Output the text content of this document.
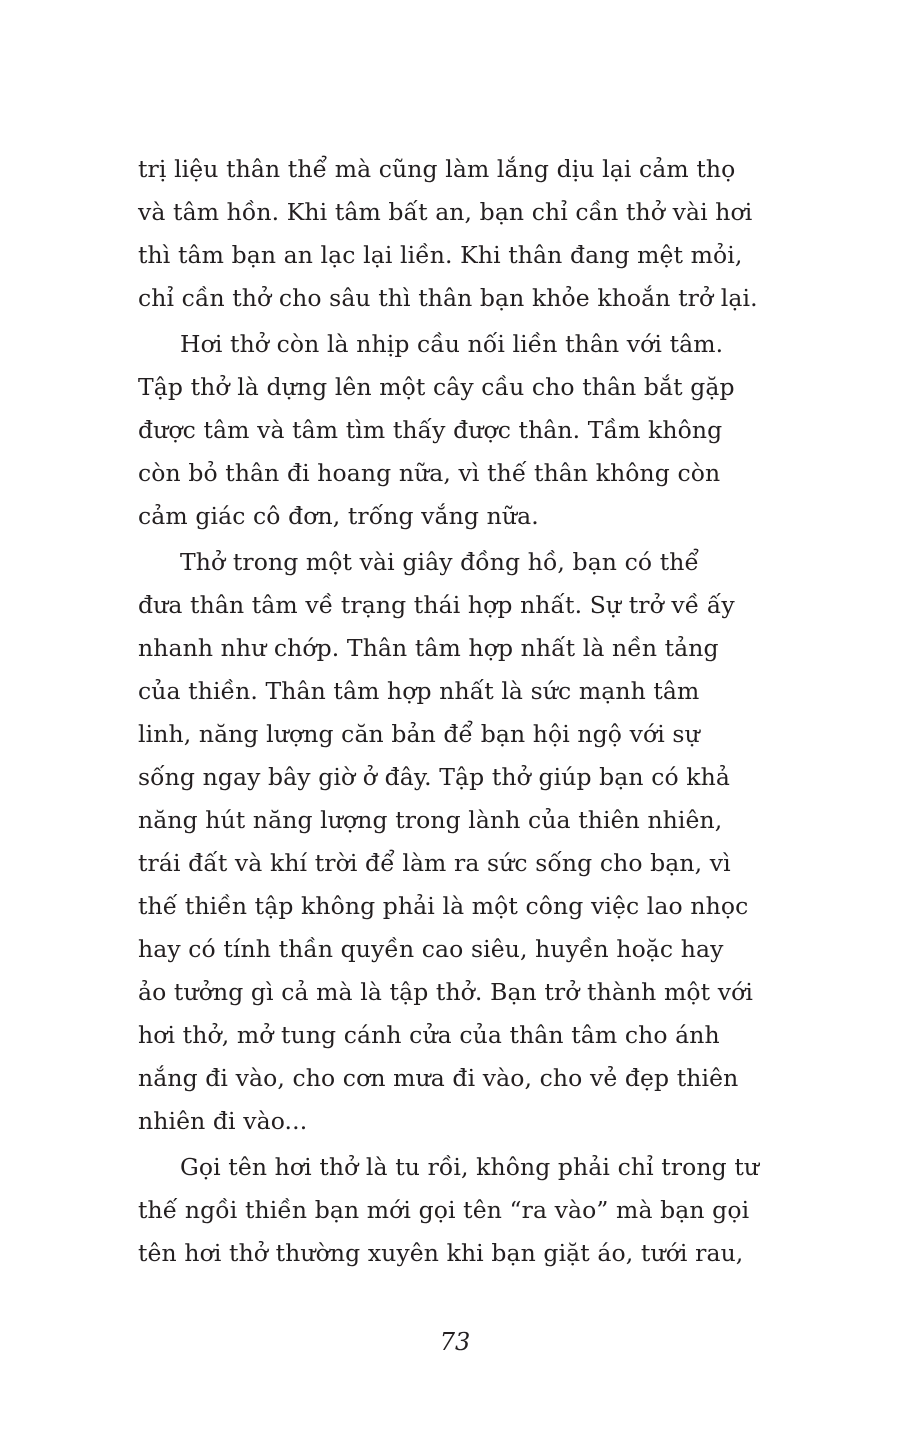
trị liệu thân thể mà cũng làm lắng dịu lại cảm thọ
và tâm hồn. Khi tâm bất an, bạn chỉ cần thở vài hơi
thì tâm bạn an lạc lại liền. Khi thân đang mệt mỏi,
chỉ cần thở cho sâu thì thân bạn khỏe khoắn trở lại.
Hơi thở còn là nhịp cầu nối liền thân với tâm.
Tập thở là dựng lên một cây cầu cho thân bắt gặp
được tâm và tâm tìm thấy được thân. Tầm không
còn bỏ thân đi hoang nữa, vì thế thân không còn
cảm giác cô đơn, trống vắng nữa.
Thở trong một vài giây đồng hồ, bạn có thể
đưa thân tâm về trạng thái hợp nhất. Sự trở về ấy
nhanh như chớp. Thân tâm hợp nhất là nền tảng
của thiền. Thân tâm hợp nhất là sức mạnh tâm
linh, năng lượng căn bản để bạn hội ngộ với sự
sống ngay bây giờ ở đây. Tập thở giúp bạn có khả
năng hút năng lượng trong lành của thiên nhiên,
trái đất và khí trời để làm ra sức sống cho bạn, vì
thế thiền tập không phải là một công việc lao nhọc
hay có tính thần quyền cao siêu, huyền hoặc hay
ảo tưởng gì cả mà là tập thở. Bạn trở thành một với
hơi thở, mở tung cánh cửa của thân tâm cho ánh
nắng đi vào, cho cơn mưa đi vào, cho vẻ đẹp thiên
nhiên đi vào...
Gọi tên hơi thở là tu rồi, không phải chỉ trong tư
thế ngồi thiền bạn mới gọi tên “ra vào” mà bạn gọi
tên hơi thở thường xuyên khi bạn giặt áo, tưới rau,
73
